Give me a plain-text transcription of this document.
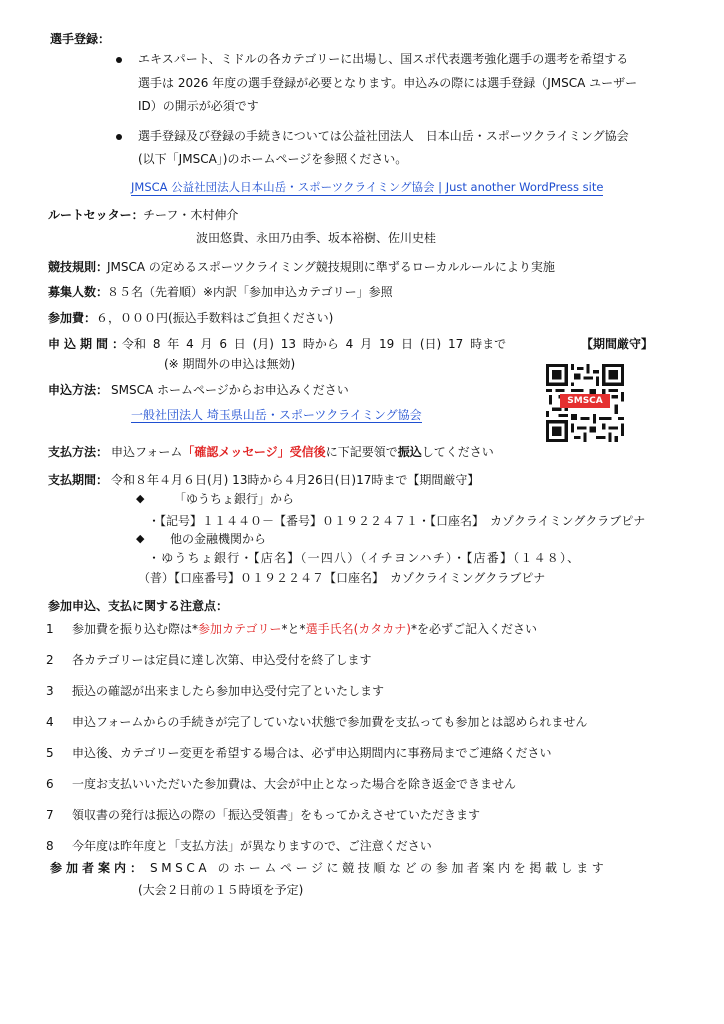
選手登録：
エキスパート、ミドルの各カテゴリーに出場し、国スポ代表選考強化選手の選考を希望する
選手は 2026 年度の選手登録が必要となります。申込みの際には選手登録（JMSCA ユーザー
ID）の開示が必須です
選手登録及び登録の手続きについては公益社団法人　日本山岳・スポーツクライミング協会
(以下「JMSCA」)のホームページを参照ください。
JMSCA 公益社団法人日本山岳・スポーツクライミング協会 | Just another WordPress site
ルートセッター： チーフ・木村伸介
波田悠貴、永田乃由季、坂本裕樹、佐川史桂
競技規則：
JMSCA の定めるスポーツクライミング競技規則に準ずるローカルルールにより実施
募集人数：
８５名（先着順）※内訳「参加申込カテゴリー」参照
参加費： ６，０００円(振込手数料はご負担ください)
申込期間：
令和 8 年 4 月 6 日 (月) 13 時から 4 月 19 日 (日) 17 時まで	【期間厳守】
(※ 期間外の申込は無効)
申込方法： SMSCA ホームページからお申込みください
一般社団法人 埼玉県山岳・スポーツクライミング協会
SMSCA
支払方法： 申込フォーム「確認メッセージ」受信後に下記要領で振込してください
支払期間： 令和８年４月６日(月) 13時から４月26日(日)17時まで【期間厳守】
◆ 「ゆうちょ銀行」から
・【記号】１１４４０－【番号】０１９２２４７１・【口座名】　カゾクライミングクラブピナ
◆ 他の金融機関から
・ゆうちょ銀行・【店名】（一四八）（イチヨンハチ）・【店番】（１４８）、
（普）【口座番号】０１９２２４７【口座名】　カゾクライミングクラブピナ
参加申込、支払に関する注意点：
1 参加費を振り込む際は*参加カテゴリー*と*選手氏名(カタカナ)*を必ずご記入ください
2 各カテゴリーは定員に達し次第、申込受付を終了します
3 振込の確認が出来ましたら参加申込受付完了といたします
4 申込フォームからの手続きが完了していない状態で参加費を支払っても参加とは認められません
5 申込後、カテゴリー変更を希望する場合は、必ず申込期間内に事務局までご連絡ください
6 一度お支払いいただいた参加費は、大会が中止となった場合を除き返金できません
7 領収書の発行は振込の際の「振込受領書」をもってかえさせていただきます
8 今年度は昨年度と「支払方法」が異なりますので、ご注意ください
参加者案内： SMSCA のホームページに競技順などの参加者案内を掲載します
(大会２日前の１５時頃を予定)
